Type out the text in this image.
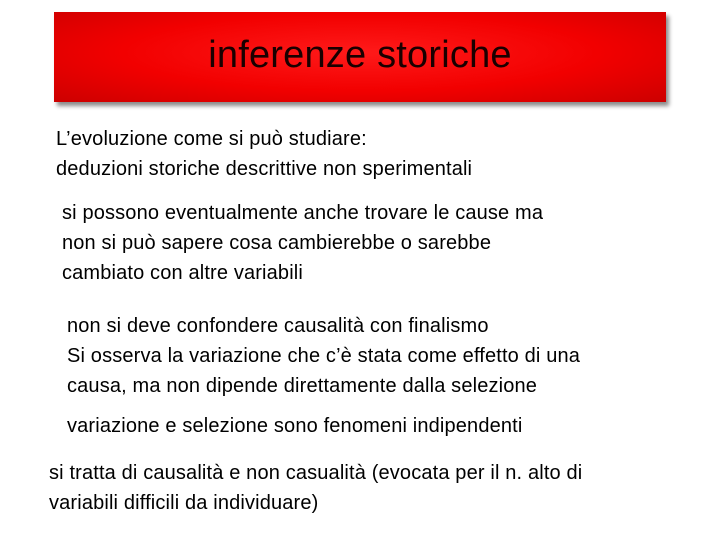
inferenze storiche
L’evoluzione come si può studiare:
deduzioni storiche descrittive non sperimentali
si possono eventualmente anche trovare le cause ma
non si può sapere cosa cambierebbe o sarebbe
cambiato con altre variabili
non si deve confondere causalità con finalismo
Si osserva la variazione che c’è stata come effetto di una
causa, ma non dipende direttamente dalla selezione
variazione e selezione sono fenomeni indipendenti
si tratta di causalità e non casualità (evocata per il n. alto di
variabili difficili da individuare)
